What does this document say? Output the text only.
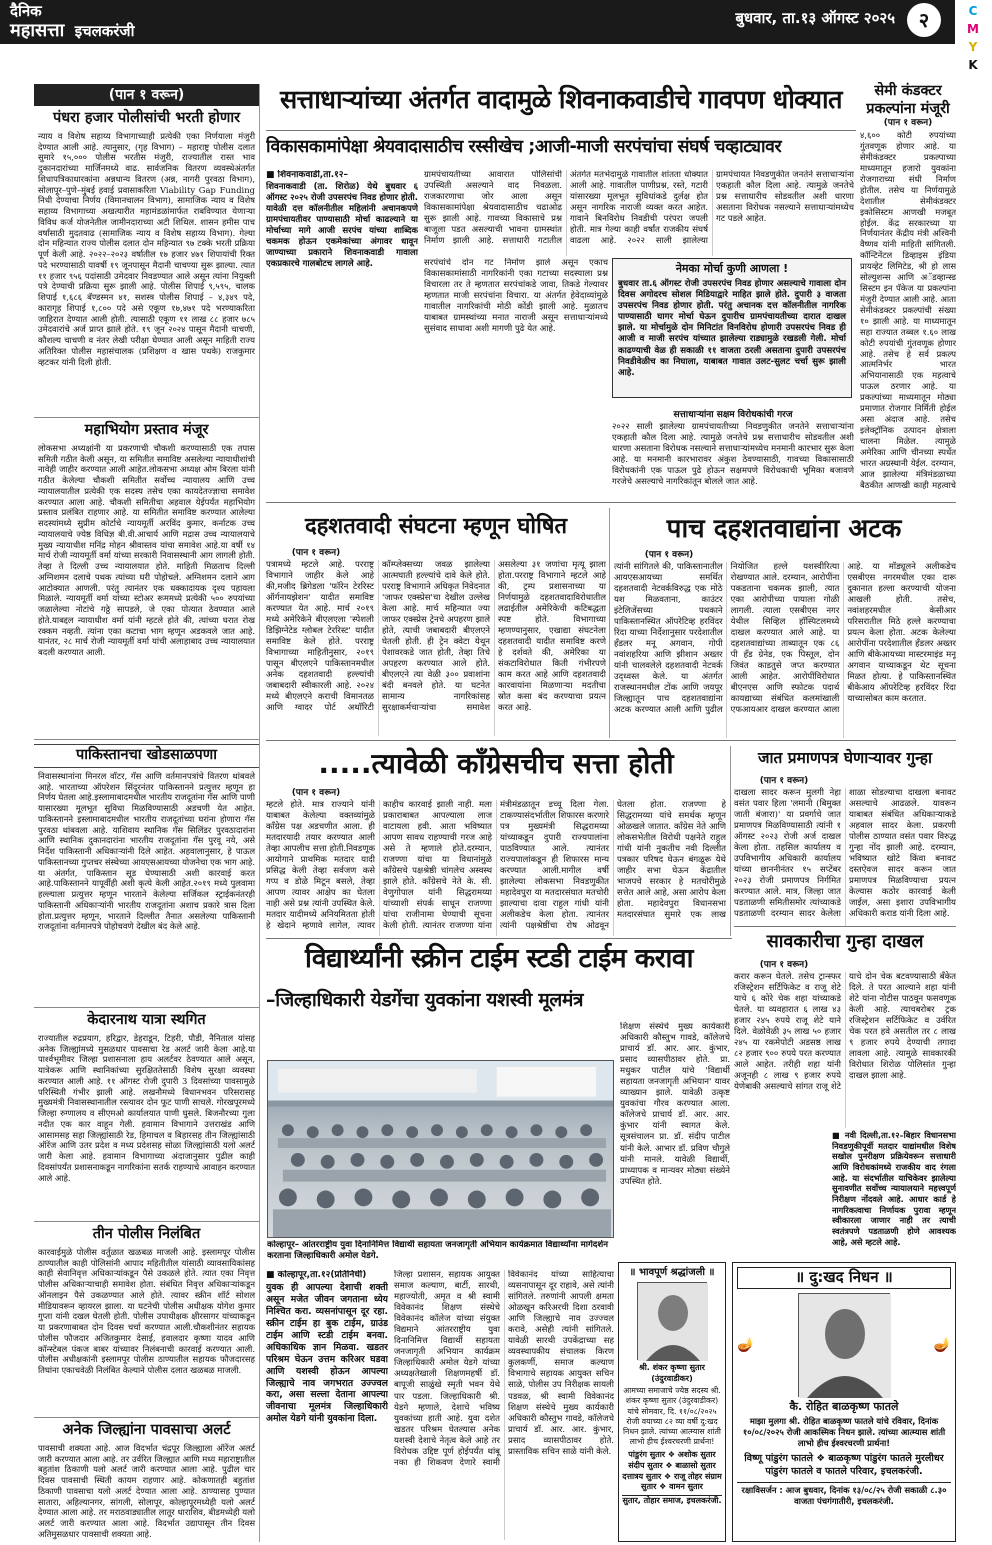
दैनिक
महासत्ता इचलकरंजी
बुधवार, ता.१३ ऑगस्ट २०२५	२	C
M
Y
K
(पान १ वरून)
पंधरा हजार पोलीसांची भरती होणार
न्याय व विशेष सहाय्य विभागाच्याही प्रत्येकी एका निर्णयाला मंजुरी देण्यात आली आहे. त्यानुसार, (गृह विभाग) – महाराष्ट्र पोलीस दलात सुमारे १५,००० पोलीस भरतीस मंजुरी, राज्यातील रास्त भाव दुकानदारांच्या मार्जिनमध्ये वाढ. सार्वजनिक वितरण व्यवस्थेअंतर्गत शिधापत्रिकाधारकांना अन्नधान्य वितरण (अन्न, नागरी पुरवठा विभाग), सोलापूर–पुणे–मुंबई हवाई प्रवासाकरिता Viability Gap Funding निधी देण्याचा निर्णय (विमानचालन विभाग), सामाजिक न्याय व विशेष सहाय्य विभागाच्या अखत्यारीत महामंडळांमार्फत राबविण्यात येणाऱ्या विविध कर्ज योजनेतील जामीनदाराच्या अटी शिथिल. शासन हमीस पाच वर्षांसाठी मुदतवाढ (सामाजिक न्याय व विशेष सहाय्य विभाग). गेल्या दोन महिन्यात राज्य पोलीस दलात दोन महिन्यात ९७ टक्के भरती प्रक्रिया पूर्ण केली आहे. २०२२–२०२३ वर्षातील १७ हजार ४७१ शिपायांची रिक्त पदे भरण्यासाठी यावर्षी १९ जूनपासून मैदानी चाचण्या सुरू झाल्या. त्यात ११ हजार ९५६ पदांसाठी उमेदवार निवडण्यात आले असून त्यांना नियुक्ती पत्रे देण्याची प्रक्रिया सुरू झाली आहे. पोलीस शिपाई ९,५९५, चालक शिपाई १,६८६ बॅण्डस्मन ४१, सशस्त्र पोलीस शिपाई – ४,३४९ पदे, कारागृह शिपाई १,८०० पदे असे एकूण १७,४७१ पदे भरण्याकरिता जाहिरात देण्यात आली होती. त्यासाठी एकूण ११ लाख ८८ हजार ७८५ उमेदवारांचे अर्ज प्राप्त झाले होते. १९ जून २०२४ पासून मैदानी चाचणी, कौशल्य चाचणी व नंतर लेखी परीक्षा घेण्यात आली असून माहिती राज्य अतिरिक्त पोलीस महासंचालक (प्रशिक्षण व खास पथके) राजकुमार व्हटकर यांनी दिली होती.
महाभियोग प्रस्ताव मंजूर
लोकसभा अध्यक्षांनी या प्रकरणाची चौकशी करण्यासाठी एक तपास समिती गठीत केली असून, या समितीत समाविष्ट असलेल्या न्यायाधीशांची नावेही जाहीर करण्यात आली आहेत.लोकसभा अध्यक्ष ओम बिरला यांनी गठीत केलेल्या चौकशी समितीत सर्वोच्च न्यायालय आणि उच्च न्यायालयातील प्रत्येकी एक सदस्य तसेच एका कायदेतज्ज्ञाचा समावेश करण्यात आला आहे. चौकशी समितीचा अहवाल येईपर्यंत महाभियोग प्रस्ताव प्रलंबित राहणार आहे. या समितीत समाविष्ट करण्यात आलेल्या सदस्यांमध्ये सुप्रीम कोर्टाचे न्यायमूर्ती अरविंद कुमार, कर्नाटक उच्च न्यायालयाचे ज्येष्ठ विधिज्ञ बी.वी.आचार्य आणि मद्रास उच्च न्यायालयाचे मुख्य न्यायाधीश मनिंद्र मोहन श्रीवास्तव यांचा समावेश आहे.या वर्षी १४ मार्च रोजी न्यायमूर्ती वर्मा यांच्या सरकारी निवासस्थानी आग लागली होती. तेव्हा ते दिल्ली उच्च न्यायालयात होते. माहिती मिळताच दिल्ली अग्निशमन दलाचे पथक त्यांच्या घरी पोहोचले. अग्निशमन दलाने आग आटोक्यात आणली. परंतु त्यानंतर एक धक्कादायक दृश्य पहायला मिळाले. न्यायमूर्ती वर्मा यांच्या स्टोअर रूममध्ये प्रत्येकी ५०० रुपयांच्या जळालेल्या नोटांचे गठ्ठे सापडले, जे एका पोत्यात ठेवण्यात आले होते.याबद्दल न्यायाधीश वर्मा यांनी म्हटले होते की, त्यांच्या घरात रोख रक्कम नव्हती. त्यांना एका कटाचा भाग म्हणून अडकवले जात आहे. यानंतर, २८ मार्च रोजी न्यायमूर्ती वर्मा यांची अलाहाबाद उच्च न्यायालयात बदली करण्यात आली.
पाकिस्तानचा खोडसाळपणा
निवासस्थानांना मिनरल वॉटर, गॅस आणि वर्तमानपत्रांचे वितरण थांबवले आहे. भारताच्या ऑपरेशन सिंदूरनंतर पाकिस्तानने प्रत्युत्तर म्हणून हा निर्णय घेतला आहे.इस्लामाबादमधील भारतीय राजदूतांना गॅस आणि पाणी यासारख्या मूलभूत सुविधा मिळविण्यासाठी अडचणी येत आहेत. पाकिस्तानने इस्लामाबादमधील भारतीय राजदूतांच्या घरांना होणारा गॅस पुरवठा थांबवला आहे. याशिवाय स्थानिक गॅस सिलिंडर पुरवठादारांना आणि स्थानिक दुकानदारांना भारतीय राजदूतांना गॅस पुरवू नये, असे निर्देश पाकिस्तानी अधिकाऱ्यांनी दिले आहेत. अहवालानुसार, हे पाऊल पाकिस्तानच्या गुप्तचर संस्थेच्या आयएसआयच्या योजनेचा एक भाग आहे. या अंतर्गत, पाकिस्तान सूड घेण्यासाठी अशी कारवाई करत आहे.पाकिस्तानने यापूर्वीही अशी कृत्ये केली आहेत.२०१९ मध्ये पुलवामा हल्ल्याला प्रत्युत्तर म्हणून भारताने केलेल्या सर्जिकल स्ट्राईकनंतरही पाकिस्तानी अधिकाऱ्यांनी भारतीय राजदूतांना अशाच प्रकारे त्रास दिला होता.प्रत्युत्तर म्हणून, भारताने दिल्लीत तैनात असलेल्या पाकिस्तानी राजदूतांना वर्तमानपत्रे पोहोचवणे देखील बंद केले आहे.
केदारनाथ यात्रा स्थगित
राज्यातील रुद्रप्रयाग, हरिद्वार, डेहराडून, टिहरी, पौडी, नैनिताल यांसह अनेक जिल्ह्यांमध्ये मुसळधार पावसाचा रेड अलर्ट जारी केला आहे.या पार्श्वभूमीवर जिल्हा प्रशासनाला हाय अलर्टवर ठेवण्यात आले असून, यात्रेकरू आणि स्थानिकांच्या सुरक्षिततेसाठी विशेष सुरक्षा व्यवस्था करण्यात आली आहे. ११ ऑगस्ट रोजी दुपारी 3 दिवसांच्या पावसामुळे परिस्थिती गंभीर झाली आहे. लखनौमध्ये विधानभवन परिसरासह मुख्यमंत्री निवासस्थानातील रस्त्यावर दोन फूट पाणी साचले. गोरखपूरमध्ये जिल्हा रुग्णालय व सीएमओ कार्यालयात पाणी घुसले. बिजनौरच्या गुला नदीत एक कार वाहून गेली. हवामान विभागाने उत्तराखंड आणि आसामसह सहा जिल्ह्यांसाठी रेड, हिमाचल व बिहारसह तीन जिल्ह्यांसाठी ऑरेंज आणि उतर प्रदेश व मध्य प्रदेशसह सोळा जिल्ह्यांसाठी यलो अलर्ट जारी केला आहे. हवामान विभागाच्या अंदाजानुसार पुढील काही दिवसांपर्यंत प्रशासनाकडून नागरिकांना सतर्क राहण्याचे आवाहन करण्यात आले आहे.
तीन पोलीस निलंबित
कारवाईमुळे पोलीस वर्तुळात खळबळ माजली आहे. इस्लामपूर पोलीस ठाण्यातील काही पोलिसांनी आपाद महितीतील यांसाठी व्यावसायिकांसह काही सेवानिवृत्त अधिकाऱ्यांकडून पैसे उकळले होते. त्यात एका निवृत्त पोलीस अधिकाऱ्याचाही समावेश होता. संबंधित निवृत्त अधिकाऱ्यांकडून ऑनलाइन पैसे उकळण्यात आले होते. त्यावर स्क्रीन शॉर्ट सोशल मीडियावरून व्हायरल झाला. या घटनेची पोलीस अधीक्षक योगेश कुमार गुप्ता यांनी दखल घेतली होती. पोलीस उपाधीक्षक क्षीरसागर यांच्याकडून या प्रकरणाबाबत दोन दिवस चर्चा करण्यात आली.चौकशीनंतर सहायक पोलीस फौजदार अजितकुमार देसाई, हवालदार कृष्णा यादव आणि कॉन्स्टेबल पंकज बाबर यांच्यावर निलंबनाची कारवाई करण्यात आली. पोलीस अधीक्षकांनी इस्लामपूर पोलीस ठाण्यातील सहायक फौजदारसह तिघांना एकाचवेळी निलंबित केल्याने पोलीस दलात खळबळ माजली.
अनेक जिल्ह्यांना पावसाचा अलर्ट
पावसाची शक्यता आहे. आज विदर्भात चंद्रपूर जिल्ह्याला ऑरेंज अलर्ट जारी करण्यात आला आहे. तर उर्वरित जिल्ह्यात आणि मध्य महाराष्ट्रातील बहुतांश ठिकाणी यलो अलर्ट जारी करण्यात आला आहे. पुढील चार दिवस पावसाची स्थिती कायम राहणार आहे. कोकणातही बहुतांश ठिकाणी पावसाचा यलो अलर्ट देण्यात आला आहे. ठाण्यासह पुण्यात सातारा, अहिल्यानगर, सांगली, सोलापूर, कोल्हापूरमध्येही यलो अलर्ट देण्यात आला आहे. तर मराठवाड्यातील लातूर धाराशिव, बीडमध्येही यलो अलर्ट जारी करण्यात आला आहे. विदर्भात उद्यापासून तीन दिवस अतिमुसळधार पावसाची शक्यता आहे.
सत्ताधाऱ्यांच्या अंतर्गत वादामुळे शिवनाकवाडीचे गावपण धोक्यात
विकासकामांपेक्षा श्रेयवादासाठीच रस्सीखेच ;आजी-माजी सरपंचांचा संघर्ष चव्हाट्यावर
■ शिवनाकवाडी,ता.१२–
शिवनाकवाडी (ता. शिरोळ) येथे बुधवार ६ ऑगस्ट २०२५ रोजी उपसरपंच निवड होणार होती. यावेळी दत्त कॉलनीतील महिलांनी अचानकपणे ग्रामपंचायतीवर पाण्यासाठी मोर्चा काढल्याने या मोर्चाच्या मागे आजी सरपंच यांच्या शाब्दिक चकमक होऊन एकमेकांच्या अंगावर धावून जाण्याच्या प्रकाराने शिवनाकवाडी गावाला एकप्रकारचे गालबोटच लागले आहे.
ग्रामपंचायतीच्या आवारात पोलिसांची उपस्थिती असल्याने वाद निवळला. राजकारणाचा जोर आला असून विकासकामांपेक्षा श्रेयवादासाठीच चढाओढ सुरू झाली आहे. गावच्या विकासाचे प्रश्न बाजूला पडत असल्याची भावना ग्रामस्थांत निर्माण झाली आहे. सत्ताधारी गटातील अंतर्गत मतभेदामुळे गावातील शांतता धोक्यात आली आहे. गावातील पाणीप्रश्न, रस्ते, गटारी यांसारख्या मूलभूत सुविधांकडे दुर्लक्ष होत असून नागरिक नाराजी व्यक्त करत आहेत. गावाने बिनविरोध निवडीची परंपरा जपली होती. मात्र गेल्या काही वर्षांत राजकीय संघर्ष वाढला आहे. २०२२ साली झालेल्या ग्रामपंचायत निवडणुकीत जनतेने सत्ताधाऱ्यांना एकहाती कौल दिला आहे. त्यामुळे जनतेचे प्रश्न सत्ताधारीच सोडवतील अशी धारणा असताना विरोधक नसल्याने सत्ताधाऱ्यांमध्येच गट पडले आहेत.
नेमका मोर्चा कुणी आणला !
बुधवार ता.६ ऑगस्ट रोजी उपसरपंच निवड होणार असल्याचे गावाला दोन दिवस अगोदरच सोशल मिडियाद्वारे माहित झाले होते. दुपारी ३ वाजता उपसरपंच निवड होणार होती. परंतु अचानक दत्त कॉलनीतील नागरिक पाण्यासाठी घागर मोर्चा घेऊन दुपारीच ग्रामपंचायतीच्या दारात दाखल झाले. या मोर्चामुळे दोन मिनिटांत विनविरोध होणारी उपसरपंच निवड ही आजी व माजी सरपंच यांच्यात झालेल्या राड्यामुळे रखडली गेली. मोर्चा काढण्याची वेळ ही सकाळी ११ वाजता ठरली असताना दुपारी उपसरपंच निवडीवेळीच का निघाला, याबाबत गावात उलट-सुलट चर्चा सुरू झाली आहे.
सरपंचांचे दोन गट निर्माण झाले असून एकाच विकासकामांसाठी नागरिकांनी एका गटाच्या सदस्याला प्रश्न विचारला तर ते म्हणतात सरपंचांकडे जावा, तिकडे गेल्यावर म्हणतात माजी सरपंचांना विचारा. या अंतर्गत हेवेदाव्यांमुळे गावातील नागरिकांची मोठी कोंडी झाली आहे. मुळातच याबाबत ग्रामस्थांच्या मनात नाराजी असून सत्ताधाऱ्यांमध्ये सुसंवाद साधावा अशी मागणी पुढे येत आहे.
सत्ताधाऱ्यांना सक्षम विरोधकांची गरज
२०२२ साली झालेल्या ग्रामपंचायतीच्या निवडणुकीत जनतेने सत्ताधाऱ्यांना एकहाती कौल दिला आहे. त्यामुळे जनतेचे प्रश्न सत्ताधारीच सोडवतील अशी धारणा असताना विरोधक नसल्याने सत्ताधाऱ्यांमध्येच मनमानी कारभार सुरू केला आहे. या मनमानी कारभारावर अंकुश ठेवण्यासाठी, गावच्या विकासासाठी विरोधकांनी एक पाऊल पुढे होऊन सक्षमपणे विरोधकाची भूमिका बजावणे गरजेचे असल्याचे नागरिकांतून बोलले जात आहे.
सेमी कंडक्टर प्रकल्पांना मंजूरी
(पान १ वरून)
४,६०० कोटी रुपयांच्या गुंतवणूक होणार आहे. या सेमीकंडक्टर प्रकल्पाच्या माध्यमातून हजारो युवकांना रोजगाराच्या संधी निर्माण होतील. तसेच या निर्णयामुळे देशातील सेमीकंडक्टर इकोसिस्टम आणखी मजबूत होईल. केंद्र सरकारच्या या निर्णयानंतर केंद्रीय मंत्री अश्विनी वैष्णव यांनी माहिती सांगितली. कॉन्टिनेंटल डिव्हाइस इंडिया प्रायव्हेट लिमिटेड, श्री हो लास सोल्युशन्स आणि अॅडव्हान्स्ड सिस्टम इन पॅकेज या प्रकल्पांना मंजुरी देण्यात आली आहे. आता सेमीकंडक्टर प्रकल्पांची संख्या १० झाली आहे. या माध्यमातून सहा राज्यात तब्बल १.६० लाख कोटी रुपयांची गुंतवणूक होणार आहे. तसेच हे सर्व प्रकल्प आत्मनिर्भर भारत अभियानासाठी एक महत्वाचे पाऊल ठरणार आहे. या प्रकल्पांच्या माध्यमातून मोठ्या प्रमाणात रोजगार निर्मिती होईल असा अंदाज आहे. तसेच इलेक्ट्रॉनिक उत्पादन क्षेत्राला चालना मिळेल. त्यामुळे अमेरिका आणि चीनच्या स्पर्धेत भारत अग्रस्थानी येईल. दरम्यान, आज झालेल्या मंत्रिमंडळाच्या बैठकीत आणखी काही महत्वाचे
दहशतवादी संघटना म्हणून घोषित
(पान १ वरून)
पत्रामध्ये म्हटले आहे. परराष्ट्र विभागाने जाहीर केले आहे की,मजीद ब्रिगेडला 'फॉरेन टेररिस्ट ऑर्गनायझेशन' यादीत समाविष्ट करण्यात येत आहे. मार्च २०१९ मध्ये अमेरिकेने बीएलएला 'स्पेशली डिझिग्नेटेड ग्लोबल टेररिस्ट' यादीत समाविष्ट केले होते. परराष्ट्र विभागाच्या माहितीनुसार, २०१९ पासून बीएलएने पाकिस्तानमधील अनेक दहशतवादी हल्ल्यांची जबाबदारी स्वीकारली आहे. २०२४ मध्ये बीएलएने कराची विमानतळ आणि ग्वादर पोर्ट अथॉरिटी कॉम्प्लेक्सच्या जवळ झालेल्या आत्मघाती हल्ल्यांचे दावे केले होते. परराष्ट्र विभागाने अधिकृत निवेदनात 'जाफर एक्स्प्रेस'चा देखील उल्लेख केला आहे. मार्च महिन्यात ज्या जाफर एक्स्प्रेस ट्रेनचे अपहरण झाले होते, त्याची जबाबदारी बीएलएने घेतली होती. ही ट्रेन क्वेटा येथून पेशावरकडे जात होती, तेव्हा तिचे अपहरण करण्यात आले होते. बीएलएने त्या वेळी ३०० प्रवाशांना बंदी बनवले होते. या घटनेत सामान्य नागरिकांसह सुरक्षाकर्मचाऱ्यांचा समावेश असलेल्या ३१ जणांचा मृत्यू झाला होता.परराष्ट्र विभागाने म्हटले आहे की, ट्रम्प प्रशासनाच्या या निर्णयामुळे दहशतवादाविरोधातील लढाईतील अमेरिकेची कटिबद्धता स्पष्ट होते. विभागाच्या म्हणण्यानुसार, एखाद्या संघटनेला दहशतवादी यादीत समाविष्ट करणे हे दर्शवते की, अमेरिका या संकटाविरोधात किती गंभीरपणे काम करत आहे आणि दहशतवादी कारवायांना मिळणाऱ्या मदतीचा स्रोत कसा बंद करण्याचा प्रयत्न करत आहे.
पाच दहशतवाद्यांना अटक
(पान १ वरून)
त्यांनी सांगितले की, पाकिस्तानातील आयएसआयच्या समर्थित दहशतवादी नेटवर्कविरुद्ध एक मोठे यश मिळवताना, काउंटर इंटेलिजेंसच्या पथकाने पाकिस्तानस्थित ऑपरेटिव्ह हरविंदर रिंदा याच्या निर्देशानुसार परदेशातील हँडलर मनू अगवान, गोपी नवांशहरिया आणि झीशान अख्तर यांनी चालवलेले दहशतवादी नेटवर्क उद्ध्वस्त केले. या अंतर्गत राजस्थानमधील टोंक आणि जयपूर जिल्ह्यातून पाच दहशतवाद्यांना अटक करण्यात आली आणि पुढील नियोजित हल्ले यशस्वीरित्या रोखण्यात आले. दरम्यान, आरोपींना पकडताना चकमक झाली, त्यात एका आरोपीच्या पायाला गोळी लागली. त्याला एसबीएस नगर येथील सिव्हिल हॉस्पिटलमध्ये दाखल करण्यात आले आहे. या दहशतवाद्यांच्या ताब्यातून एक ८६ पी हँड ग्रेनेड, एक पिस्तूल, दोन जिवंत काडतुसे जप्त करण्यात आली आहेत. आरोपींविरोधात बीएनएस आणि स्फोटक पदार्थ कायद्याच्या संबंधित कलमांखाली एफआयआर दाखल करण्यात आला आहे. या मॉड्यूलने अलीकडेच एसबीएस नगरमधील एका दारू दुकानात हल्ला करण्याची योजना आखली होती. तसेच, नवांशहरमधील केसीआर परिसरातील मिठे हल्ले करण्याचा प्रयत्न केला होता. अटक केलेल्या आरोपींना परदेशातील हँडलर अख्तर आणि बीकेआयच्या मास्टरमाइंड मनू अगवान याच्याकडून थेट सूचना मिळत होत्या. हे पाकिस्तानस्थित बीकेआय ऑपरेटिव्ह हरविंदर रिंदा याच्यासोबत काम करतात.
.....त्यावेळी काँग्रेसचीच सत्ता होती
(पान १ वरून)
म्हटले होते. मात्र राज्याने यांनी याबाबत केलेल्या वक्तव्यांमुळे काँग्रेस पक्ष अडचणीत आला. ही मतदारयादी तयार करण्यात आली तेव्हा आपलीच सत्ता होती.निवडणूक आयोगाने प्राथमिक मतदार यादी प्रसिद्ध केली तेव्हा सर्वजण कसे गप्प व डोळे मिटून बसले, तेव्हा आपण त्यावर आक्षेप का घेतला नाही असे प्रश्न त्यांनी उपस्थित केले. मतदार यादीमध्ये अनियमितता होती हे खेदाने म्हणावे लागेल, त्यावर काहीच कारवाई झाली नाही. मला प्रकाराबाबत आपल्याला लाज वाटायला हवी. आता भविष्यात आपण सावध राहण्याची गरज आहे असे ते म्हणाले होते.दरम्यान, राजण्णा यांचा या विधानांमुळे काँग्रेसचे पक्षश्रेष्ठी चांगलेच अस्वस्थ झाले होते. काँग्रेसचे नेते के. सी. वेणुगोपाल यांनी सिद्धरामय्या यांच्याशी संपर्क साधून राजण्णा यांचा राजीनामा घेण्याची सूचना केली होती. त्यानंतर राजण्णा यांना मंत्रीमंडळातून डच्चू दिला गेला. टाकण्यासंदर्भातील शिफारस करणारे पत्र मुख्यमंत्री सिद्धरामय्या यांच्याकडून दुपारी राज्यपालांना पाठविण्यात आले. त्यानंतर राज्यपालांकडून ही शिफारस मान्य करण्यात आली.मागील वर्षी झालेल्या लोकसभा निवडणुकीत महादेवपुरा या मतदारसंघात मतचोरी झाल्याचा दावा राहुल गांधी यांनी अलीकडेच केला होता. त्यानंतर त्यांनी पक्षश्रेष्ठींचा रोष ओढवून घेतला होता. राजण्णा हे सिद्धरामय्या यांचे समर्थक म्हणून ओळखले जातात. काँग्रेस नेते आणि लोकसभेतील विरोधी पक्षनेते राहुल गांधी यांनी नुकतीच नवी दिल्लीत पत्रकार परिषद घेऊन बंगळूरू येथे जाहीर सभा घेऊन केंद्रातील भाजपचे सरकार हे मतचोरीमुळे सत्तेत आले आहे, असा आरोप केला होता. महादेवपुरा विधानसभा मतदारसंघात सुमारे एक लाख
जात प्रमाणपत्र घेणाऱ्यावर गुन्हा
(पान १ वरून)
दाखला सादर करून मुलगी नेहा वसंत पवार हिला 'लमानी (बिमुक्त जाती बंजारा)' या प्रवर्गाचे जात प्रमाणपत्र मिळविण्यासाठी त्यांनी १ ऑगस्ट २०२३ रोजी अर्ज दाखल केला होता. तहसिल कार्यालय व उपविभागीय अधिकारी कार्यालय यांच्या छाननीनंतर १५ सप्टेंबर २०२३ रोजी प्रमाणपत्र निर्गमित करण्यात आले. मात्र, जिल्हा जात पडताळणी समितीसमोर त्यांच्याकडे पडताळणी दरम्यान सादर केलेला शाळा सोडल्याचा दाखला बनावट असल्याचे आढळले. यावरून याबाबत संबंधित अधिकाऱ्याकडे अहवाल सादर केला. प्रकरणी पोलीस ठाण्यात वसंत पवार विरुद्ध गुन्हा नोंद झाली आहे. दरम्यान, भविष्यात खोटे किंवा बनावट दस्तऐवज सादर करून जात प्रमाणपत्र मिळविण्याचा प्रयत्न केल्यास कठोर कारवाई केली जाईल, असा इशारा उपविभागीय अधिकारी कराड यांनी दिला आहे.
सावकारीचा गुन्हा दाखल
(पान १ वरून)
करार करून घेतले. तसेच ट्रान्स्फर रजिस्ट्रेशन सर्टिफिकेट व राजू शेटे याचे ६ कोरे चेक शहा यांच्याकडे घेतले. या व्यवहारात ६ लाख ४३ हजार २४५ रुपये राजू शेटे याने दिले. वेळोवेळी ३५ लाख ५० हजार २४५ या रकमेपोटी अडसष्ठ लाख ८२ हजार ९०० रुपये परत करण्यात आले आहेत. तरीही शहा यांनी अजूनही ८ लाख ९ हजार रुपये येणेबाकी असल्याचे सांगत राजू शेटे याचे दोन चेक बटवण्यासाठी बँकेत दिले. ते परत आल्याने शहा यांनी शेटे यांना नोटीस पाठवून फसवणूक केली आहे. त्याचबरोबर ट्रक रजिस्ट्रेशन सर्टिफिकेट व उर्वरित चेक परत हवे असतील तर ८ लाख ९ हजार रुपये देण्याची तगादा लावला आहे. त्यामुळे सावकारकी विरोधात शिरोळ पोलिसांत गुन्हा दाखल झाला आहे.
■ नवी दिल्ली,ता.१२–बिहार विधानसभा निवडणुकीपूर्वी मतदार याद्यांमधील विशेष सखोल पुनरीक्षण प्रक्रियेवरून सत्ताधारी आणि विरोधकांमध्ये राजकीय वाद रंगला आहे. या संदर्भातील याचिकेवर झालेल्या सुनावणीत सर्वोच्च न्यायालयाने महत्त्वपूर्ण निरीक्षण नोंदवले आहे. आधार कार्ड हे नागरिकत्वाचा निर्णायक पुरावा म्हणून स्वीकारला जाणार नाही तर त्याची स्वतंत्रपणे पडताळणी होणे आवश्यक आहे, असे म्हटले आहे.
विद्यार्थ्यांनी स्क्रीन टाईम स्टडी टाईम करावा
–जिल्हाधिकारी येडगेंचा युवकांना यशस्वी मूलमंत्र
शिक्षण संस्थेचे मुख्य कार्यकारी अधिकारी कौस्तुभ गावडे, कॉलेजचे प्राचार्य डॉ. आर. आर. कुंभार, प्रसाद व्यासपीठावर होते. प्रा. मधुकर पाटील यांचे 'विद्यार्थी सहायता जनजागृती अभियान' यावर व्याख्यान झाले. यावेळी उत्कृष्ट युवकांचा गौरव करण्यात आला. कॉलेजचे प्राचार्य डॉ. आर. आर. कुंभार यांनी स्वागत केले. सूत्रसंचालन प्रा. डॉ. संदीप पाटील यांनी केले. आभार डॉ. प्रविण चौगुले यांनी मानले. यावेळी विद्यार्थी, प्राध्यापक व मान्यवर मोठ्या संख्येने उपस्थित होते.
कोल्हापूर– आंतरराष्ट्रीय युवा दिनानिमित्त विद्यार्थी सहायता जनजागृती अभियान कार्यक्रमात विद्यार्थ्यांना मार्गदर्शन करताना जिल्हाधिकारी अमोल येडगे.
■ कोल्हापूर,ता.१२(प्रतिनिधी)
युवक ही आपल्या देशाची शक्ती असून मजेत जीवन जगताना ध्येय निश्चित करा. व्यसनांपासून दूर रहा. स्क्रीन टाईम हा बुक टाईम, ग्राउंड टाईम आणि स्टडी टाईम बनवा. अधिकाधिक ज्ञान मिळवा. खडतर परिश्रम घेऊन उत्तम करिअर घडवा आणि यशस्वी होऊन आपल्या जिल्ह्याचे नाव जगभरात उज्ज्वल करा, असा सल्ला देताना आपल्या जीवनाचा मूलमंत्र जिल्हाधिकारी अमोल येडगे यांनी युवकांना दिला.
जिल्हा प्रशासन, सहायक आयुक्त समाज कल्याण, बार्टी, सारथी, महाज्योती, अमृत व श्री स्वामी विवेकानंद शिक्षण संस्थेचे विवेकानंद कॉलेज यांच्या संयुक्त विद्यमाने आंतरराष्ट्रीय युवा दिनानिमित्त विद्यार्थी सहायता जनजागृती अभियान कार्यक्रम जिल्हाधिकारी अमोल येडगे यांच्या अध्यक्षतेखाली शिक्षणमहर्षी डॉ. बापूजी साळुंखे स्मृती भवन येथे पार पडला. जिल्हाधिकारी श्री. येडगे म्हणाले, देशाचे भविष्य युवकांच्या हाती आहे. युवा दशेत खडतर परिश्रम घेतल्यास अनेक यशस्वी देशाचे नेतृत्व केले आहे तर विरोधक उद्दिष्ट पूर्ण होईपर्यंत थांबू नका ही शिकवण देणारे स्वामी विवेकानंद यांच्या साहित्याचा व्यसनापासून दूर राहावे, असे त्यांनी सांगितले. तरुणांनी आपली क्षमता ओळखून करिअरची दिशा ठरवावी आणि जिल्ह्याचे नाव उज्ज्वल करावे, असेही त्यांनी सांगितले. यावेळी सारथी उपकेंद्राच्या सह व्यवस्थापकीय संचालक किरण कुलकर्णी, समाज कल्याण विभागाचे सहायक आयुक्त सचिन साळे, पोलीस उप निरीक्षक सायली पडवळ, श्री स्वामी विवेकानंद शिक्षण संस्थेचे मुख्य कार्यकारी अधिकारी कौस्तुभ गावडे, कॉलेजचे प्राचार्य डॉ. आर. आर. कुंभार, प्रसाद व्यासपीठावर होते. प्रास्ताविक सचिन साळे यांनी केले.
॥ भावपूर्ण श्रद्धांजली ॥
श्री. शंकर कृष्णा सुतार (उंदुरवाडीकर)
आमच्या समाजाचे ज्येष्ठ सदस्य श्री. शंकर कृष्णा सुतार (उंदुरवाडीकर) यांचे सोमवार, दि. ११/०८/२०२५ रोजी वयाच्या ८२ व्या वर्षी दु:खद निधन झाले. त्यांच्या आत्म्यास शांती लाभो हीच ईश्वरचरणी प्रार्थना!
पांडुरंग सुतार ❖ अशोक सुतार संदीप सुतार ❖ बाळासो सुतार दत्तात्रय सुतार ❖ राजू तोहर संग्राम सुतार ❖ वामन सुतार
सुतार, तोहार समाज, इचलकरंजी.
॥ दु:खद निधन ॥
🪔	🪔
कै. रोहित बाळकृष्ण फातले
माझा मुलगा श्री. रोहित बाळकृष्ण फातले यांचे रविवार, दिनांक १०/०८/२०२५ रोजी आकस्मिक निधन झाले. त्यांच्या आत्म्यास शांती लाभो हीच ईश्वरचरणी प्रार्थना!
विष्णू पांडुरंग फातले ❖ बाळकृष्ण पांडुरंग फातले मुरलीधर पांडुरंग फातले व फातले परिवार, इचलकरंजी.
रक्षाविसर्जन : आज बुधवार, दिनांक १३/०८/२५ रोजी सकाळी ८.३० वाजता पंचगंगातीरी, इचलकरंजी.
